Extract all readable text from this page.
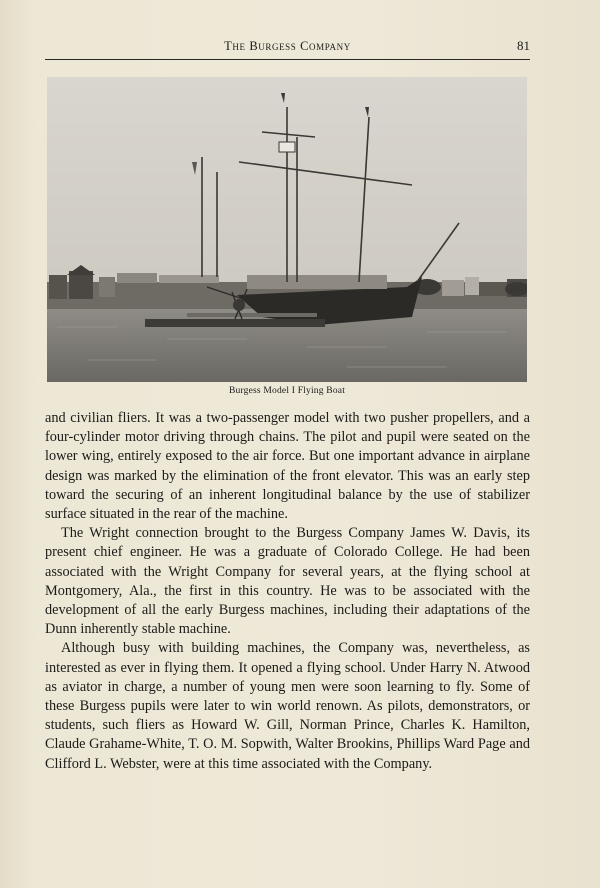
The Burgess Company	81
Burgess Model I Flying Boat

and civilian fliers. It was a two-passenger model with two pusher propellers, and a four-cylinder motor driving through chains. The pilot and pupil were seated on the lower wing, entirely exposed to the air force. But one important advance in airplane design was marked by the elimination of the front elevator. This was an early step toward the securing of an inherent longitudinal balance by the use of stabilizer surface situated in the rear of the machine.

The Wright connection brought to the Burgess Company James W. Davis, its present chief engineer. He was a graduate of Colorado College. He had been associated with the Wright Company for several years, at the flying school at Montgomery, Ala., the first in this country. He was to be associated with the development of all the early Burgess machines, including their adaptations of the Dunn inherently stable machine.

Although busy with building machines, the Company was, nevertheless, as interested as ever in flying them. It opened a flying school. Under Harry N. Atwood as aviator in charge, a number of young men were soon learning to fly. Some of these Burgess pupils were later to win world renown. As pilots, demonstrators, or students, such fliers as Howard W. Gill, Norman Prince, Charles K. Hamilton, Claude Grahame-White, T. O. M. Sopwith, Walter Brookins, Phillips Ward Page and Clifford L. Webster, were at this time associated with the Company.
